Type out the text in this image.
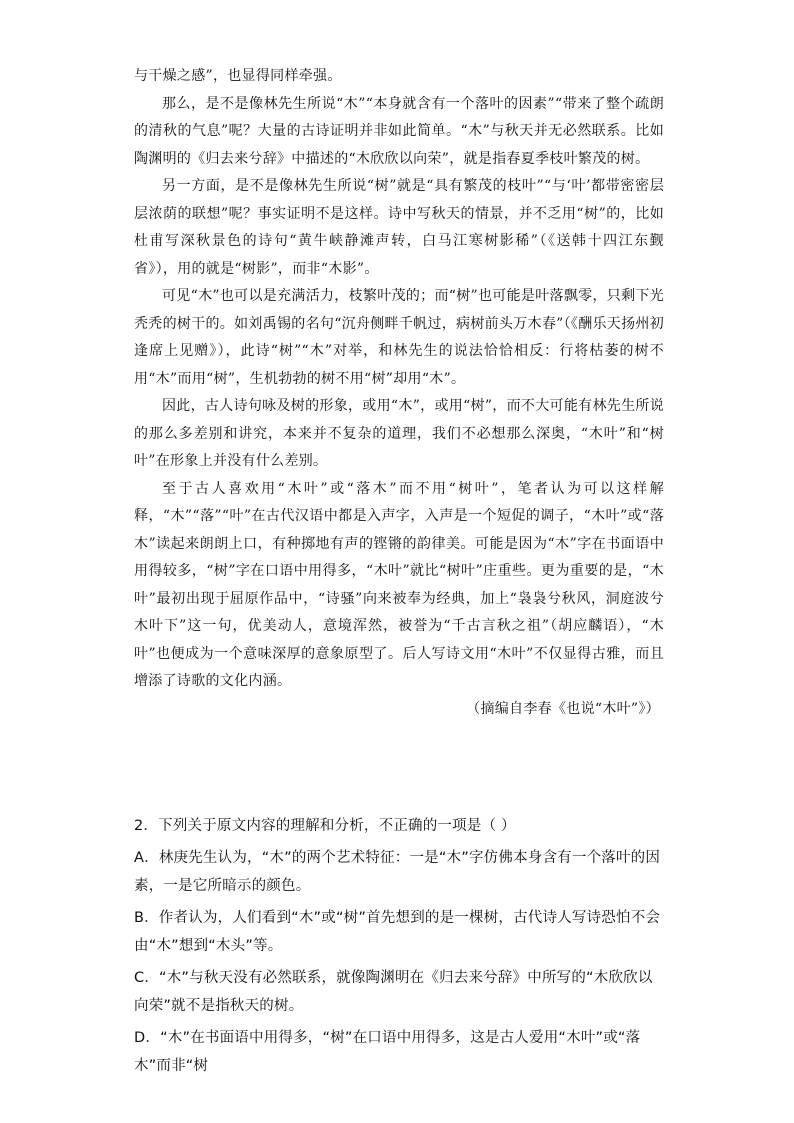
与干燥之感”，也显得同样牵强。

那么，是不是像林先生所说“木”“本身就含有一个落叶的因素”“带来了整个疏朗的清秋的气息”呢？大量的古诗证明并非如此简单。“木”与秋天并无必然联系。比如陶渊明的《归去来兮辞》中描述的“木欣欣以向荣”，就是指春夏季枝叶繁茂的树。

另一方面，是不是像林先生所说“树”就是“具有繁茂的枝叶”“与‘叶’都带密密层层浓荫的联想”呢？事实证明不是这样。诗中写秋天的情景，并不乏用“树”的，比如杜甫写深秋景色的诗句“黄牛峡静滩声转，白马江寒树影稀”（《送韩十四江东觐省》），用的就是“树影”，而非“木影”。

可见“木”也可以是充满活力，枝繁叶茂的；而“树”也可能是叶落飘零，只剩下光秃秃的树干的。如刘禹锡的名句“沉舟侧畔千帆过，病树前头万木春”（《酬乐天扬州初逢席上见赠》），此诗“树”“木”对举，和林先生的说法恰恰相反：行将枯萎的树不用“木”而用“树”，生机勃勃的树不用“树”却用“木”。

因此，古人诗句咏及树的形象，或用“木”，或用“树”，而不大可能有林先生所说的那么多差别和讲究，本来并不复杂的道理，我们不必想那么深奥，“木叶”和“树叶”在形象上并没有什么差别。

至于古人喜欢用“木叶”或“落木”而不用“树叶”，笔者认为可以这样解释，“木”“落”“叶”在古代汉语中都是入声字，入声是一个短促的调子，“木叶”或“落木”读起来朗朗上口，有种掷地有声的铿锵的韵律美。可能是因为“木”字在书面语中用得较多，“树”字在口语中用得多，“木叶”就比“树叶”庄重些。更为重要的是，“木叶”最初出现于屈原作品中，“诗骚”向来被奉为经典，加上“袅袅兮秋风，洞庭波兮木叶下”这一句，优美动人，意境浑然，被誉为“千古言秋之祖”（胡应麟语），“木叶”也便成为一个意味深厚的意象原型了。后人写诗文用“木叶”不仅显得古雅，而且增添了诗歌的文化内涵。

（摘编自李春《也说“木叶”》）

2．下列关于原文内容的理解和分析，不正确的一项是（ ）
A．林庚先生认为，“木”的两个艺术特征：一是“木”字仿佛本身含有一个落叶的因素，一是它所暗示的颜色。
B．作者认为，人们看到“木”或“树”首先想到的是一棵树，古代诗人写诗恐怕不会由“木”想到“木头”等。
C．“木”与秋天没有必然联系，就像陶渊明在《归去来兮辞》中所写的“木欣欣以向荣”就不是指秋天的树。
D．“木”在书面语中用得多，“树”在口语中用得多，这是古人爱用“木叶”或“落木”而非“树
